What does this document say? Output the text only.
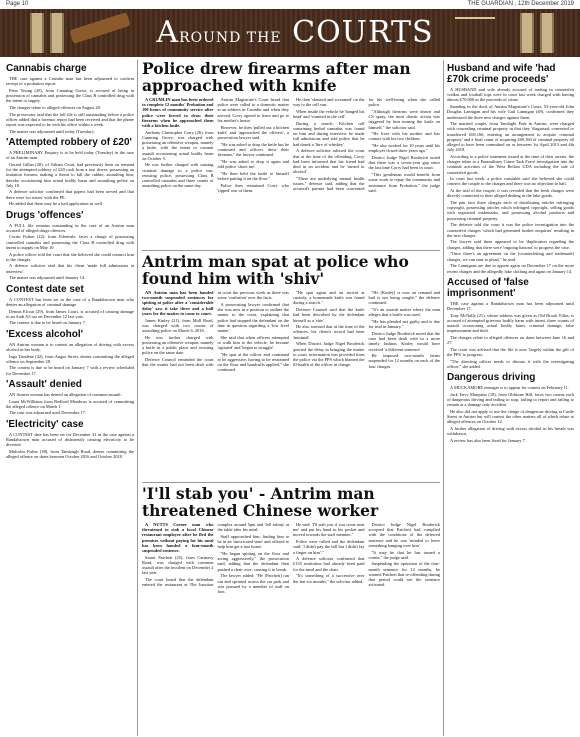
Page 10	THE GUARDIAN , 12th December 2019
AROUND THE COURTS
Cannabis charge

THE case against a Crumlin man has been adjourned to confirm receipt of a probation report.

Peter Young (28), from Camning Grove, is accused of being in possession of cannabis and possessing the Class B controlled drug with the intent to supply.

The charges relate to alleged offences on August 28.

The prosecutor said that the full file is still outstanding before a police officer added that a forensic report had been received and that the phone report was expected to be with his office within a week.

The matter was adjourned until today (Tuesday).

'Attempted robbery of £20'

A PRELIMINARY Enquiry is to be held today (Tuesday) in the case of an Antrim man.

Gerard Gillan (20), of Valiant Court, had previously been on remand for the attempted robbery of £20 cash from a taxi driver, possessing an imitation firearm, making a threat to kill the cabbie, assaulting him, thereby occasioning him actual bodily harm and assaulting police on July 18.

A defence solicitor confirmed that papers had been served and that there were 'no issues' with the PE.

He added that there may be a bail application as well.

Drugs 'offences'

A FULL file remains outstanding in the case of an Antrim man accused of alleged drugs offences.

Corrin Fulton (22), from Edenvale, faces a charge of possessing controlled cannabis and possessing the Class B controlled drug with intent to supply on May 10.

A police officer told the court that she believed she could connect him to the charges.

A defence solicitor said that his client 'made full admissions at interview'.

The matter was adjourned until January 14.

Contest date set

A CONTEST has been set in the case of a Randalstown man who denies an allegation of criminal damage.

Dennis Elcoat (29), from James Court, is accused of causing damage to an Audi A5 car on December 12 last year.

The contest is due to be heard on January 7.

'Excess alcohol'

AN Antrim woman is to contest an allegation of driving with excess alcohol in her body.

Inga Trindene (42), from Angus Street, denies committing the alleged offence on September 28.

The contest is due to be heard on January 7 with a review scheduled for December 17.

'Assault' denied

AN Antrim woman has denied an allegation of common assault.

Laura McWilliams from Bedford Meadows is accused of committing the alleged offence on March 1.

The case was adjourned until December 17.

'Electricity' case

A CONTEST date has been set for December 31 in the case against a Randalstown man accused of dishonestly causing electricity to be diverted.

Malcolm Fisher (38), from Tamlough Road, denies committing the alleged offence on dates between October 2016 and October 2018.

Police drew firearms after man approached with knife

A CRUMLIN man has been ordered to complete 12 months' Probation and 100 hours of community service after police were forced to draw their firearms when he approached them with a kitchen knife.

Anthony Christopher Corry (26), from Camning Grove, was charged with possessing an offensive weapon, namely a knife, with the intent to commit assault occasioning actual bodily harm on October 5.

He was further charged with causing criminal damage to a police van, resisting police, possessing Class B controlled cannabis and three counts of assaulting police on the same day.

Antrim Magistrate's Court heard that police were called to a domestic matter at an address in Crumlin and when they arrived, Corry agreed to leave and go to his mother's house.

However, he then 'pulled out a kitchen knife' and 'approached the officers', a prosecution lawyer said.

"He was asked to drop the knife but he continued and officers drew their firearms," the lawyer continued.

"He was asked to drop it again and told police 'shoot me'.

"He then held the knife to himself before putting it on the floor."

Police then restrained Corry who 'tipped' one of them.

He then 'shouted and screamed' on the way to the cell van.

When inside the vehicle he 'banged his head' and 'vomited in the cell'.

During a search, Kitchen roll containing herbal cannabis was found on him and during interview he made full admissions and told police that he had drunk a 'litre of whiskey'.

A defence solicitor advised the court that at the time of the offending, Corry had been informed that his friend had died in an accident and he 'turned to alcohol'.

"There are underlying mental health issues," defence said, adding that the accused's partner had been concerned for his well-being when she called police.

"Although firearms were drawn and CS spray, the most drastic action was triggered by him turning the knife on himself," the solicitor said.

"He lives with his mother and has contact with his two children.

"He also worked for 10 years until his employer closed three years ago."

District Judge Nigel Broderick noted that there was a seven-year gap since the last time Corry had been in court.

"This gentleman would benefit from some work to repay the community and assistance from Probation," the judge said.

Antrim man spat at police who found him with 'shiv'

AN Antrim man has been handed two-month suspended sentences for spitting at police after a 'considerable delay' saw it take three and a half years for the matter to come to court.

James Kinley (21), from Mull Road, was charged with two counts of assaulting police on March 6, 2016.

He was further charged with possessing an offensive weapon, namely a knife in a public place and resisting police on the same date.

Defence Council reminded the court that the matter had not been dealt with in court the previous week as there was some 'confusion' over the facts.

A prosecuting lawyer confirmed that she was now in a position to outline the matter to the court, explaining that police had stopped the defendant on the date in question regarding a 'low level matter'.

She said that when officers attempted to walk him to the vehicle, he became 'agitated' and 'began to struggle'.

"He spat at the officer and continued to be aggressive, having to be restrained on the floor and handcuffs applied," she continued.

"He spat again and on arrival at custody, a homemade knife was found during a search."

Defence Counsel said that the knife had been described by the defendant himself as a 'shiv'.

He also stressed that at the time of the offences, his client's record had been 'minimal'.

When District Judge Nigel Broderick queried the delay in bringing the matter to court, information was provided from the police via the PPS which blamed the ill-health of the officer in charge.

"He [Kinley] is now on remand and bail is not being sought," the defence continued.

"It's an assault matter where the man alleges that a bottle was used.

"He has pleaded not guilty and is due for trial in January."

District Judge Broderick noted that the case had been dealt with in a more timely fashion, Kinley would have received 'a different sentence'.

He imposed two-month terms suspended for 12 months on each of the four charges.

'I'll stab you' - Antrim man threatened Chinese worker

A NUTTS Corner man who threatened to stab a local Chinese restaurant employee after he fled the premises without paying for his meal has been handed a four-month suspended sentence.

Stuart Patchett (25), from Carmavy Road, was charged with common assault after the incident on December 2 last year.

The court heard that the defendant entered the restaurant at The Junction complex around 5pm and 'fell asleep' at the table after his meal.

Staff approached him, finding him to be in an 'intoxicated state' and offered to help him get a taxi home.

"He began spitting on the floor and acting aggressively," the prosecution said, adding that the defendant then pushed a chair over, causing it to break.

The lawyer added: "He [Patchett] ran out and sprinted across the car park and was pursued by a member of staff on foot.

He said: 'I'll stab you if you come near me' and put his hand in his pocket and moved towards the staff member."

Police were called and the defendant said: 'I didn't pay the bill but I didn't lay a finger on him'."

A defence solicitor confirmed that £135 restitution had already been paid for the meal and the chair.

"It's something of a successive over the last six months," the solicitor added.

District Judge Nigel Broderick accepted that Patchett had complied with the conditions of the deferred sentence and he was 'minded to leave something hanging over him'.

"It may be that he has turned a corner," the judge said.

Suspending the operation of the four-month sentence for 12 months, he warned Patchett that re-offending during that period could see the sentence activated.

Husband and wife 'had £70k crime proceeds'

A HUSBAND and wife already accused of trading in counterfeit vodkas and football tops were in court last week charged with having almost £70,000 as the proceeds of crime.

Standing in the dock of Antrim Magistrate's Court, 53-year-old John Douglas Lannigan and his wife Gail Lannigan (49), confirmed they understood the three new charges against them.

The married couple, from Tamlaght Park in Antrim, were charged with concealing criminal property in that they 'disguised, converted or transferred £69,160, entering an arrangement to acquire criminal property' and a final count of acquiring £69,160 of criminal property all alleged to have been committed on or between 1st April 2013 and 4th July 2018.

According to a police statement issued at the time of their arrests, the charges relate to a Paramilitary Crime Task Force investigation into the criminal activities of the West Belfast UDA including the sale of counterfeit goods.

In court last week, a police constable said she believed she could connect the couple to the charges and there was no objection to bail.

At the trial of the couple, it was revealed that the fresh charges were directly connected to their alleged dealing in the fake goods.

The pair face three charges each of distributing articles infringing copyright, possessing articles which infringed copyright, selling goods with registered trademarks, and possessing alcohol products and possessing criminal property.

The defence told the court it was the police investigation into the counterfeit charges 'which had generated further enquiries' resulting in the new charges.

The lawyer said there appeared to be 'duplication regarding the charges, adding that there were 'ongoing liaisons' to progress the case.

"Once there's an agreement on the [counterfeiting and trademark] charges, we can start to plead," he said.

The Lannigans are due to appear again on December 17 on the more recent charges and the allegedly fake clothing and again on January 14.

Accused of 'false imprisonment'

THE case against a Randalstown man has been adjourned until December 17.

Tony McNally (21), whose address was given as Old Brook Villas, is accused of attempted grievous bodily harm with intent, three counts of assault occasioning actual bodily harm, criminal damage, false imprisonment and theft.

The charges relate to alleged offences on dates between June 16 and 27.

The court was advised that the file is now 'largely within the gift of the PPS' to progress.

"The directing officer needs to discuss it with the investigating officer," she added.

Dangerous driving

A MUCKAMORE teenager is to appear for contest on February 11.

Jack Terry Marquess (18), from Oldstone Hill, faces two counts each of dangerous driving and failing to stop, failing to report and failing to remain at a damage only accident.

He also did not apply to use the charge of dangerous driving at Castle Street in Antrim but will contest the other matters all of which relate to alleged offences on October 12.

A further allegation of driving with excess alcohol in his breath was withdrawn.

A review has also been fixed for January 7.
